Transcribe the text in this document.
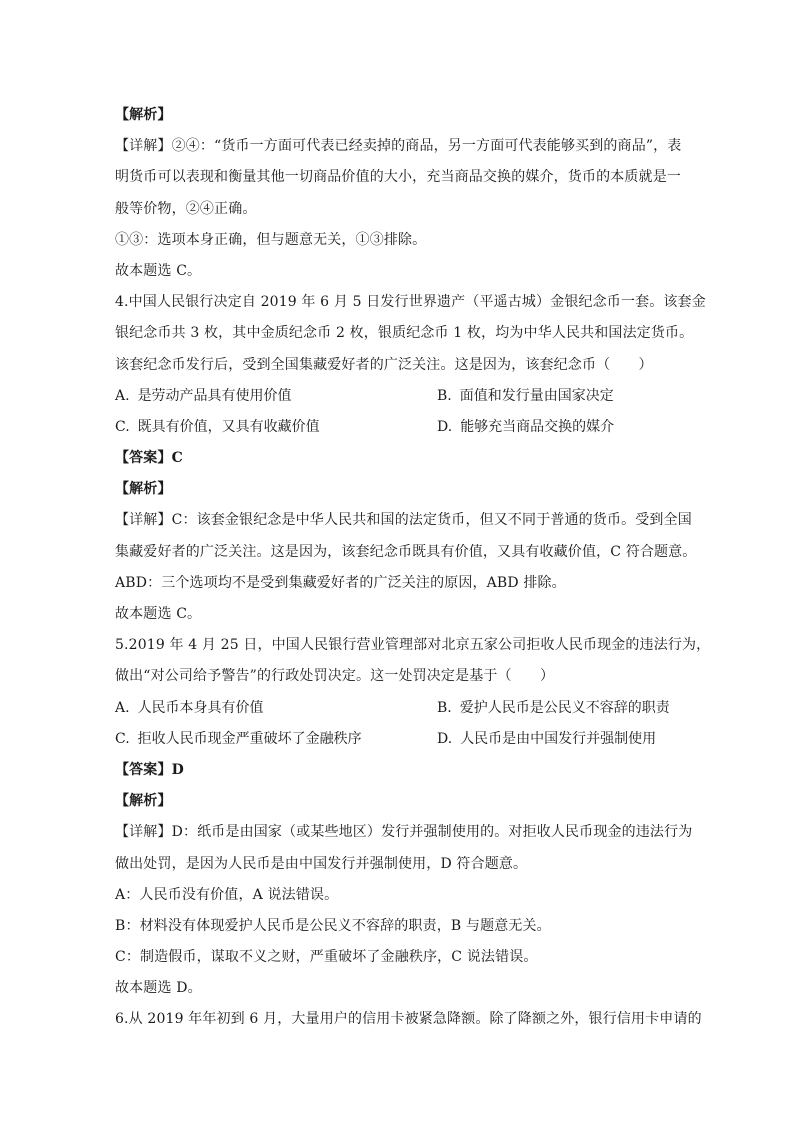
【解析】
【详解】②④：“货币一方面可代表已经卖掉的商品，另一方面可代表能够买到的商品”，表
明货币可以表现和衡量其他一切商品价值的大小，充当商品交换的媒介，货币的本质就是一
般等价物，②④正确。
①③：选项本身正确，但与题意无关，①③排除。
故本题选 C。
4.中国人民银行决定自 2019 年 6 月 5 日发行世界遗产（平遥古城）金银纪念币一套。该套金
银纪念币共 3 枚，其中金质纪念币 2 枚，银质纪念币 1 枚，均为中华人民共和国法定货币。
该套纪念币发行后，受到全国集藏爱好者的广泛关注。这是因为，该套纪念币（　　）
A. 是劳动产品具有使用价值	B. 面值和发行量由国家决定
C. 既具有价值，又具有收藏价值	D. 能够充当商品交换的媒介
【答案】C
【解析】
【详解】C：该套金银纪念是中华人民共和国的法定货币，但又不同于普通的货币。受到全国
集藏爱好者的广泛关注。这是因为，该套纪念币既具有价值，又具有收藏价值，C 符合题意。
ABD：三个选项均不是受到集藏爱好者的广泛关注的原因，ABD 排除。
故本题选 C。
5.2019 年 4 月 25 日，中国人民银行营业管理部对北京五家公司拒收人民币现金的违法行为，
做出“对公司给予警告”的行政处罚决定。这一处罚决定是基于（　　）
A. 人民币本身具有价值	B. 爱护人民币是公民义不容辞的职责
C. 拒收人民币现金严重破坏了金融秩序	D. 人民币是由中国发行并强制使用
【答案】D
【解析】
【详解】D：纸币是由国家（或某些地区）发行并强制使用的。对拒收人民币现金的违法行为
做出处罚，是因为人民币是由中国发行并强制使用，D 符合题意。
A：人民币没有价值，A 说法错误。
B：材料没有体现爱护人民币是公民义不容辞的职责，B 与题意无关。
C：制造假币，谋取不义之财，严重破坏了金融秩序，C 说法错误。
故本题选 D。
6.从 2019 年年初到 6 月，大量用户的信用卡被紧急降额。除了降额之外，银行信用卡申请的
